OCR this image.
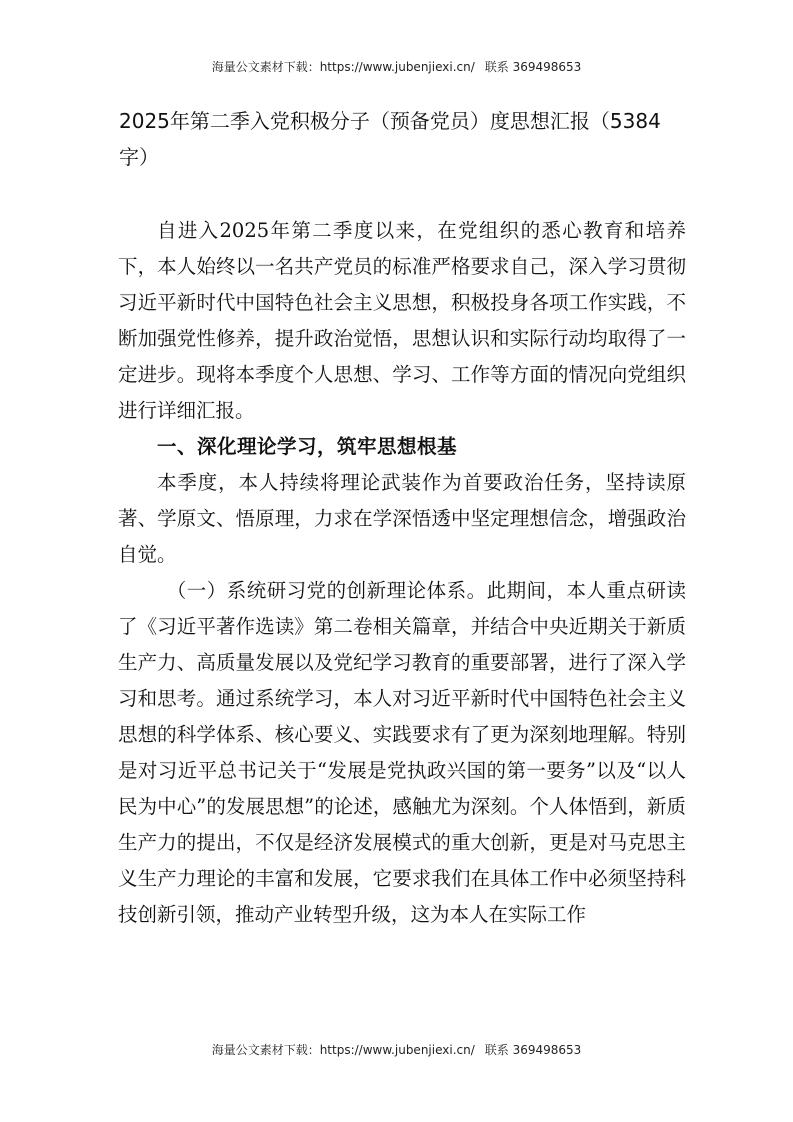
海量公文素材下载：https://www.jubenjiexi.cn/ 联系 369498653
2025年第二季入党积极分子（预备党员）度思想汇报（5384字）

自进入2025年第二季度以来，在党组织的悉心教育和培养下，本人始终以一名共产党员的标准严格要求自己，深入学习贯彻习近平新时代中国特色社会主义思想，积极投身各项工作实践，不断加强党性修养，提升政治觉悟，思想认识和实际行动均取得了一定进步。现将本季度个人思想、学习、工作等方面的情况向党组织进行详细汇报。

一、深化理论学习，筑牢思想根基

本季度，本人持续将理论武装作为首要政治任务，坚持读原著、学原文、悟原理，力求在学深悟透中坚定理想信念，增强政治自觉。

（一）系统研习党的创新理论体系。此期间，本人重点研读了《习近平著作选读》第二卷相关篇章，并结合中央近期关于新质生产力、高质量发展以及党纪学习教育的重要部署，进行了深入学习和思考。通过系统学习，本人对习近平新时代中国特色社会主义思想的科学体系、核心要义、实践要求有了更为深刻地理解。特别是对习近平总书记关于“发展是党执政兴国的第一要务”以及“以人民为中心”的发展思想”的论述，感触尤为深刻。个人体悟到，新质生产力的提出，不仅是经济发展模式的重大创新，更是对马克思主义生产力理论的丰富和发展，它要求我们在具体工作中必须坚持科技创新引领，推动产业转型升级，这为本人在实际工作

海量公文素材下载：https://www.jubenjiexi.cn/ 联系 369498653
